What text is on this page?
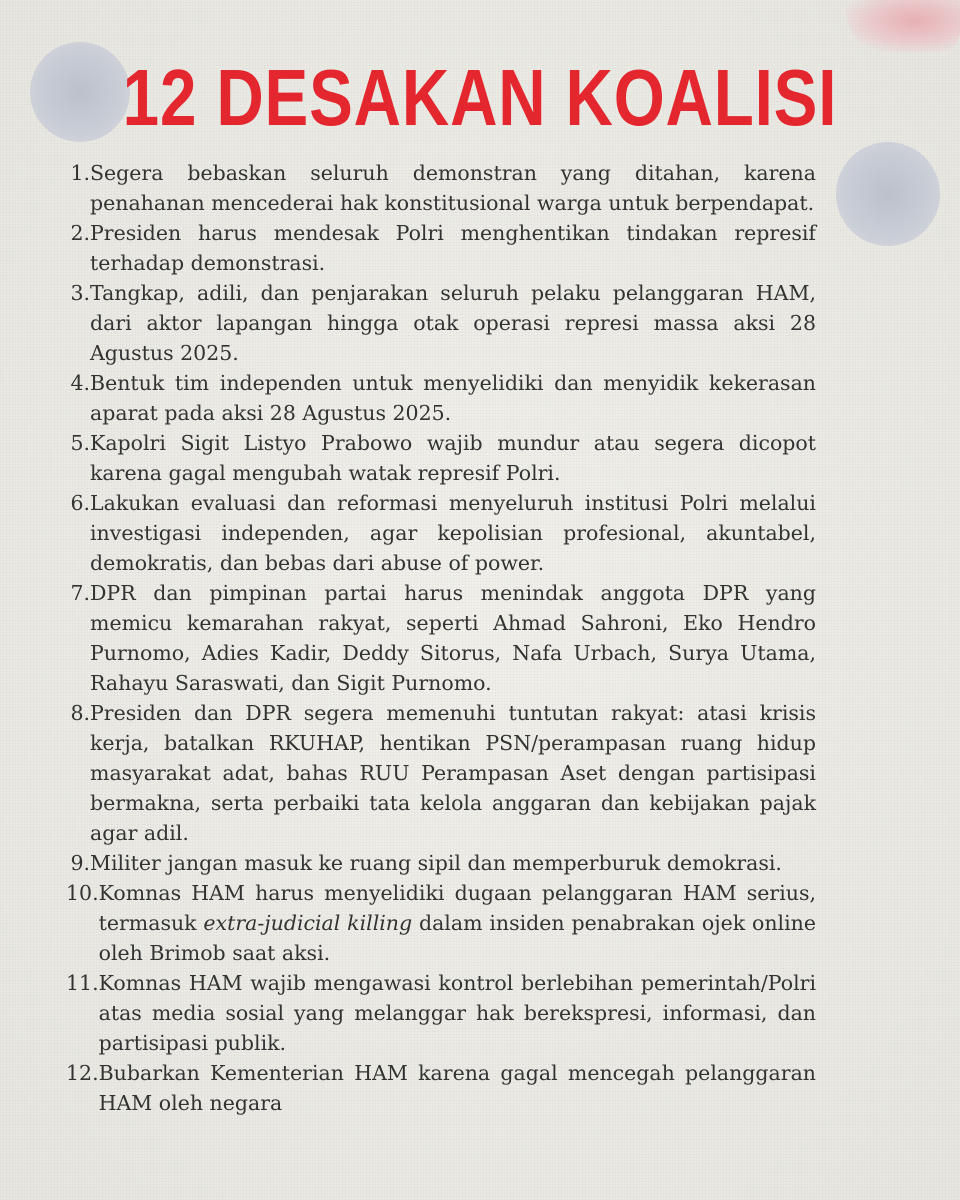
12 DESAKAN KOALISI
1. Segera bebaskan seluruh demonstran yang ditahan, karena penahanan mencederai hak konstitusional warga untuk berpendapat.
2. Presiden harus mendesak Polri menghentikan tindakan represif terhadap demonstrasi.
3. Tangkap, adili, dan penjarakan seluruh pelaku pelanggaran HAM, dari aktor lapangan hingga otak operasi represi massa aksi 28 Agustus 2025.
4. Bentuk tim independen untuk menyelidiki dan menyidik kekerasan aparat pada aksi 28 Agustus 2025.
5. Kapolri Sigit Listyo Prabowo wajib mundur atau segera dicopot karena gagal mengubah watak represif Polri.
6. Lakukan evaluasi dan reformasi menyeluruh institusi Polri melalui investigasi independen, agar kepolisian profesional, akuntabel, demokratis, dan bebas dari abuse of power.
7. DPR dan pimpinan partai harus menindak anggota DPR yang memicu kemarahan rakyat, seperti Ahmad Sahroni, Eko Hendro Purnomo, Adies Kadir, Deddy Sitorus, Nafa Urbach, Surya Utama, Rahayu Saraswati, dan Sigit Purnomo.
8. Presiden dan DPR segera memenuhi tuntutan rakyat: atasi krisis kerja, batalkan RKUHAP, hentikan PSN/perampasan ruang hidup masyarakat adat, bahas RUU Perampasan Aset dengan partisipasi bermakna, serta perbaiki tata kelola anggaran dan kebijakan pajak agar adil.
9. Militer jangan masuk ke ruang sipil dan memperburuk demokrasi.
10. Komnas HAM harus menyelidiki dugaan pelanggaran HAM serius, termasuk extra-judicial killing dalam insiden penabrakan ojek online oleh Brimob saat aksi.
11. Komnas HAM wajib mengawasi kontrol berlebihan pemerintah/Polri atas media sosial yang melanggar hak berekspresi, informasi, dan partisipasi publik.
12. Bubarkan Kementerian HAM karena gagal mencegah pelanggaran HAM oleh negara
